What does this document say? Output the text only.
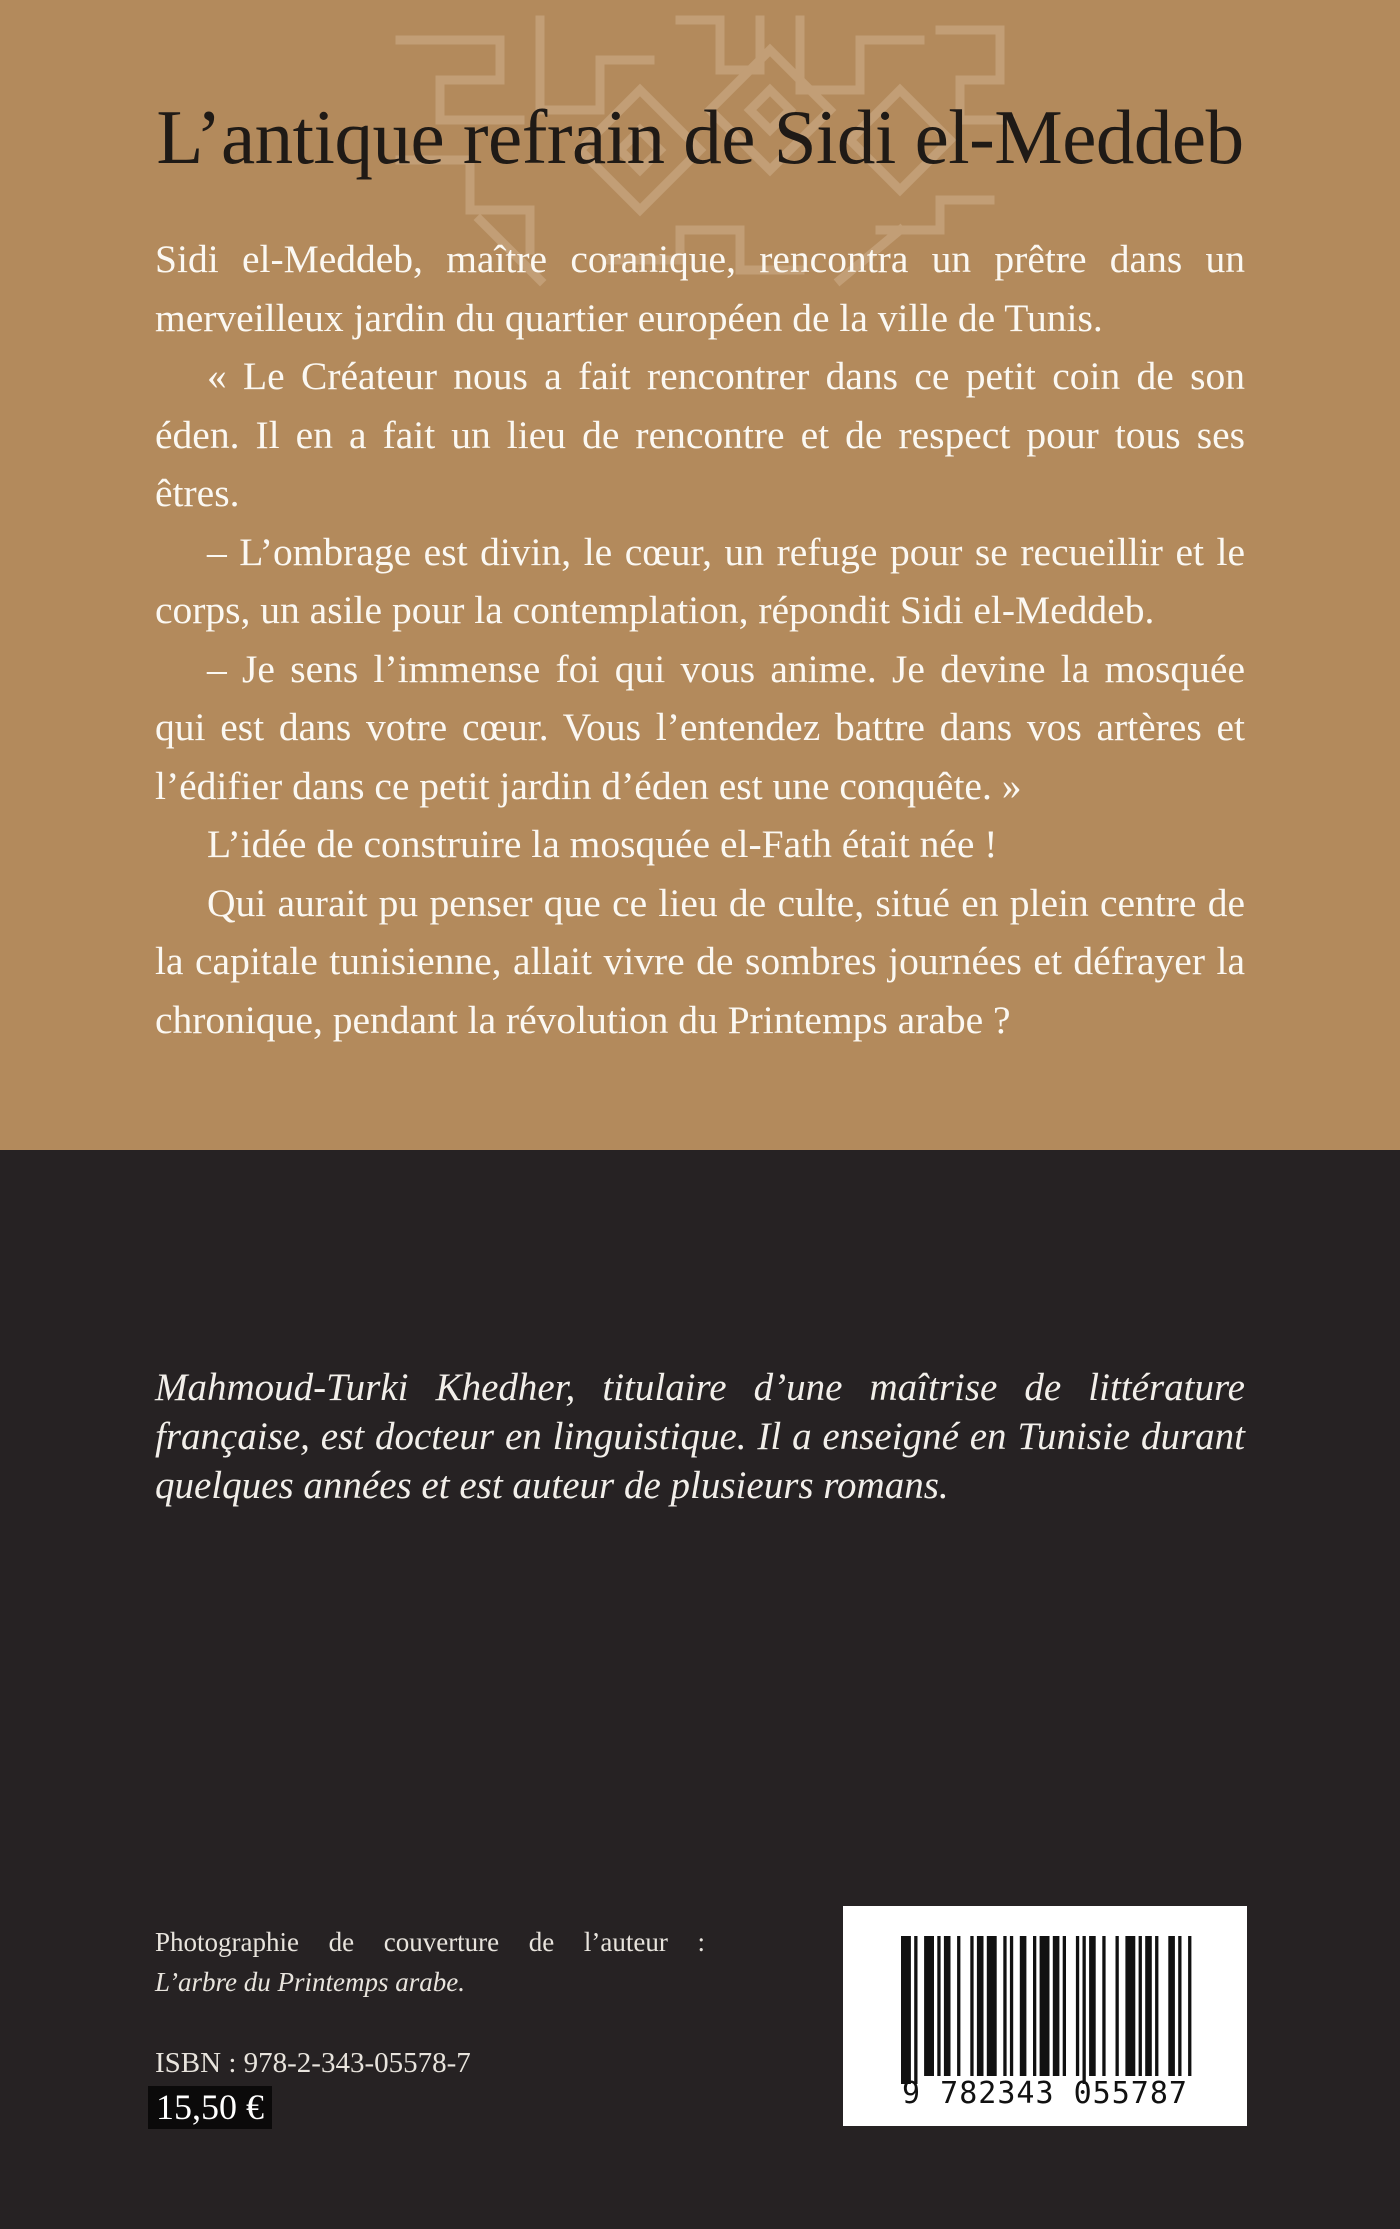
L’antique refrain de Sidi el-Meddeb

Sidi el-Meddeb, maître coranique, rencontra un prêtre dans un merveilleux jardin du quartier européen de la ville de Tunis.

« Le Créateur nous a fait rencontrer dans ce petit coin de son éden. Il en a fait un lieu de rencontre et de respect pour tous ses êtres.

– L’ombrage est divin, le cœur, un refuge pour se recueillir et le corps, un asile pour la contemplation, répondit Sidi el-Meddeb.

– Je sens l’immense foi qui vous anime. Je devine la mosquée qui est dans votre cœur. Vous l’entendez battre dans vos artères et l’édifier dans ce petit jardin d’éden est une conquête. »

L’idée de construire la mosquée el-Fath était née !

Qui aurait pu penser que ce lieu de culte, situé en plein centre de la capitale tunisienne, allait vivre de sombres journées et défrayer la chronique, pendant la révolution du Printemps arabe ?

Mahmoud-Turki Khedher, titulaire d’une maîtrise de littérature française, est docteur en linguistique. Il a enseigné en Tunisie durant quelques années et est auteur de plusieurs romans.
Photographie de couverture de l’auteur :
L’arbre du Printemps arabe.
ISBN : 978-2-343-05578-7
15,50 €	9 782343 055787
